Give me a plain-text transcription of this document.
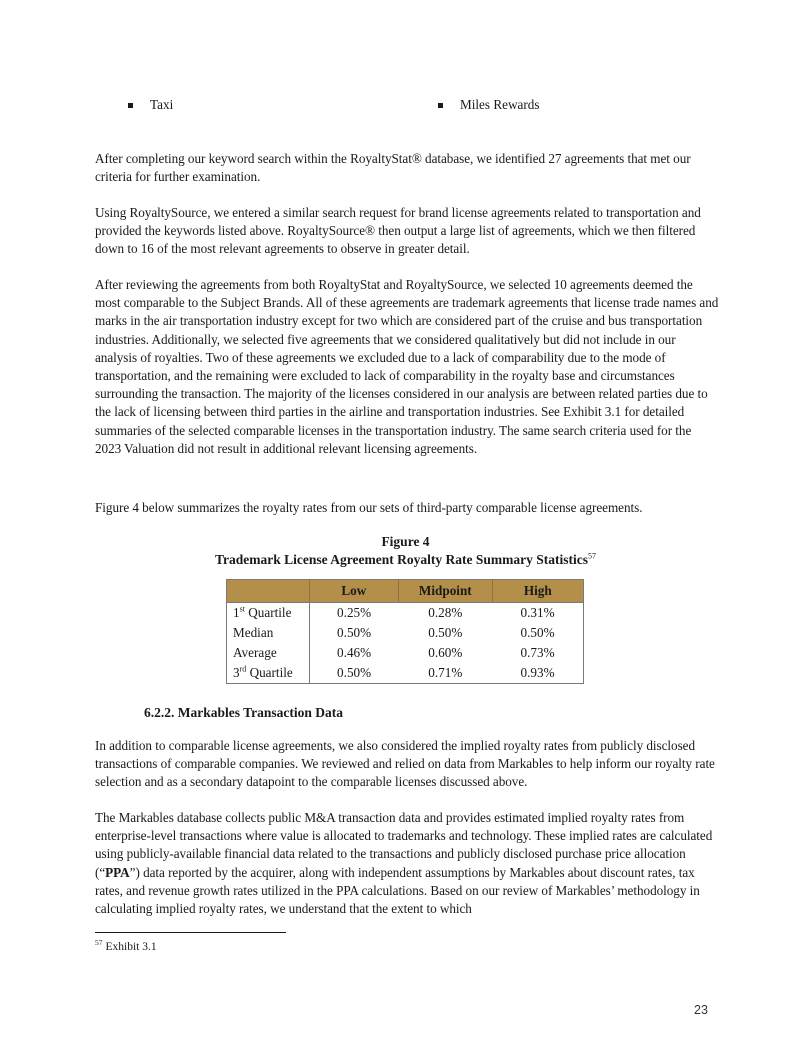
Taxi	Miles Rewards

After completing our keyword search within the RoyaltyStat® database, we identified 27 agreements that met our criteria for further examination.

Using RoyaltySource, we entered a similar search request for brand license agreements related to transportation and provided the keywords listed above. RoyaltySource® then output a large list of agreements, which we then filtered down to 16 of the most relevant agreements to observe in greater detail.

After reviewing the agreements from both RoyaltyStat and RoyaltySource, we selected 10 agreements deemed the most comparable to the Subject Brands. All of these agreements are trademark agreements that license trade names and marks in the air transportation industry except for two which are considered part of the cruise and bus transportation industries. Additionally, we selected five agreements that we considered qualitatively but did not include in our analysis of royalties. Two of these agreements we excluded due to a lack of comparability due to the mode of transportation, and the remaining were excluded to lack of comparability in the royalty base and circumstances surrounding the transaction. The majority of the licenses considered in our analysis are between related parties due to the lack of licensing between third parties in the airline and transportation industries. See Exhibit 3.1 for detailed summaries of the selected comparable licenses in the transportation industry. The same search criteria used for the 2023 Valuation did not result in additional relevant licensing agreements.

Figure 4 below summarizes the royalty rates from our sets of third-party comparable license agreements.

Figure 4
Trademark License Agreement Royalty Rate Summary Statistics$^{57}$
	Low	Midpoint	High
1st Quartile	0.25%	0.28%	0.31%
Median	0.50%	0.50%	0.50%
Average	0.46%	0.60%	0.73%
3rd Quartile	0.50%	0.71%	0.93%
6.2.2. Markables Transaction Data

In addition to comparable license agreements, we also considered the implied royalty rates from publicly disclosed transactions of comparable companies. We reviewed and relied on data from Markables to help inform our royalty rate selection and as a secondary datapoint to the comparable licenses discussed above.

The Markables database collects public M&A transaction data and provides estimated implied royalty rates from enterprise-level transactions where value is allocated to trademarks and technology. These implied rates are calculated using publicly-available financial data related to the transactions and publicly disclosed purchase price allocation (“PPA”) data reported by the acquirer, along with independent assumptions by Markables about discount rates, tax rates, and revenue growth rates utilized in the PPA calculations. Based on our review of Markables’ methodology in calculating implied royalty rates, we understand that the extent to which

$^{57}$ Exhibit 3.1
23
